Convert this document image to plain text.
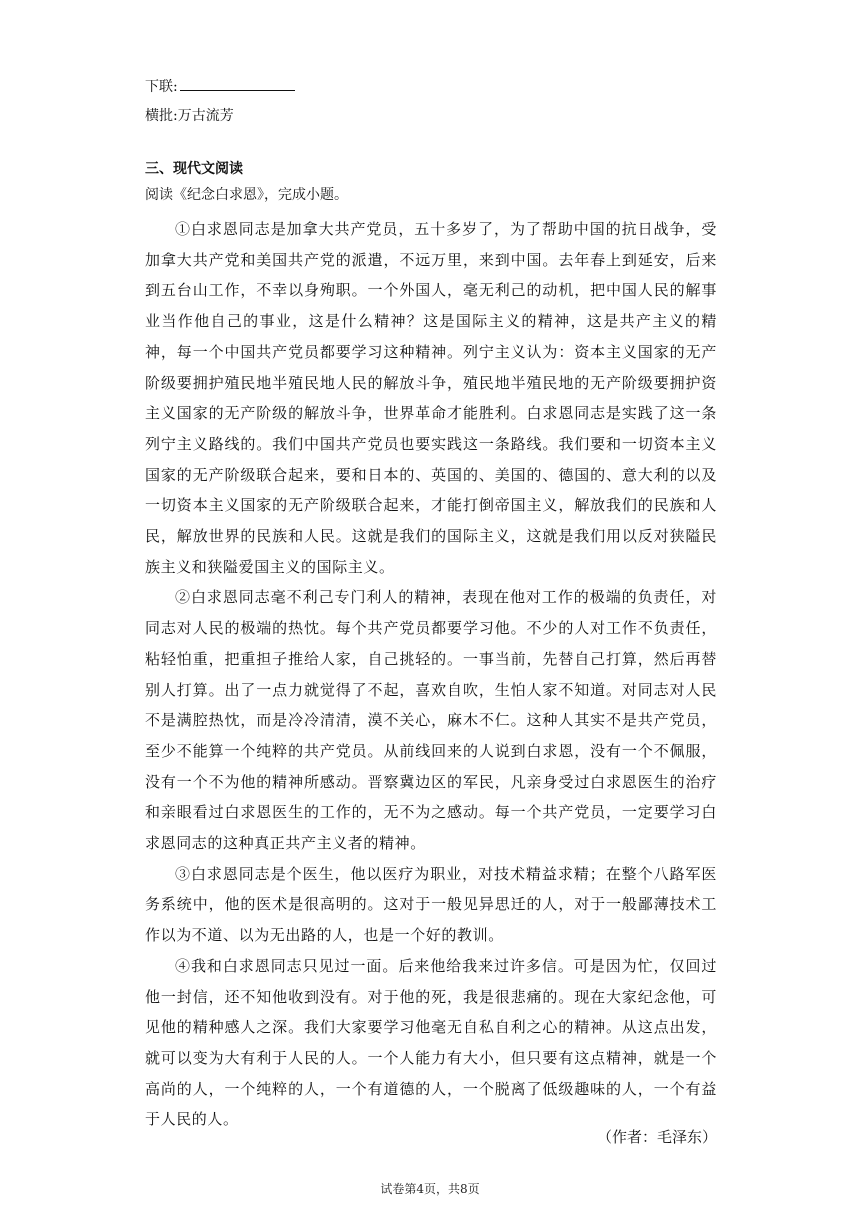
下联:
横批:万古流芳
三、现代文阅读
阅读《纪念白求恩》，完成小题。

①白求恩同志是加拿大共产党员，五十多岁了，为了帮助中国的抗日战争，受加拿大共产党和美国共产党的派遣，不远万里，来到中国。去年春上到延安，后来到五台山工作，不幸以身殉职。一个外国人，毫无利己的动机，把中国人民的解事业当作他自己的事业，这是什么精神？这是国际主义的精神，这是共产主义的精神，每一个中国共产党员都要学习这种精神。列宁主义认为：资本主义国家的无产阶级要拥护殖民地半殖民地人民的解放斗争，殖民地半殖民地的无产阶级要拥护资主义国家的无产阶级的解放斗争，世界革命才能胜利。白求恩同志是实践了这一条列宁主义路线的。我们中国共产党员也要实践这一条路线。我们要和一切资本主义国家的无产阶级联合起来，要和日本的、英国的、美国的、德国的、意大利的以及一切资本主义国家的无产阶级联合起来，才能打倒帝国主义，解放我们的民族和人民，解放世界的民族和人民。这就是我们的国际主义，这就是我们用以反对狭隘民族主义和狭隘爱国主义的国际主义。

②白求恩同志毫不利己专门利人的精神，表现在他对工作的极端的负责任，对同志对人民的极端的热忱。每个共产党员都要学习他。不少的人对工作不负责任，粘轻怕重，把重担子推给人家，自己挑轻的。一事当前，先替自己打算，然后再替别人打算。出了一点力就觉得了不起，喜欢自吹，生怕人家不知道。对同志对人民不是满腔热忱，而是冷冷清清，漠不关心，麻木不仁。这种人其实不是共产党员，至少不能算一个纯粹的共产党员。从前线回来的人说到白求恩，没有一个不佩服，没有一个不为他的精神所感动。晋察冀边区的军民，凡亲身受过白求恩医生的治疗和亲眼看过白求恩医生的工作的，无不为之感动。每一个共产党员，一定要学习白求恩同志的这种真正共产主义者的精神。

③白求恩同志是个医生，他以医疗为职业，对技术精益求精；在整个八路军医务系统中，他的医术是很高明的。这对于一般见异思迁的人，对于一般鄙薄技术工作以为不道、以为无出路的人，也是一个好的教训。

④我和白求恩同志只见过一面。后来他给我来过许多信。可是因为忙，仅回过他一封信，还不知他收到没有。对于他的死，我是很悲痛的。现在大家纪念他，可见他的精种感人之深。我们大家要学习他毫无自私自利之心的精神。从这点出发，就可以变为大有利于人民的人。一个人能力有大小，但只要有这点精神，就是一个高尚的人，一个纯粹的人，一个有道德的人，一个脱离了低级趣味的人，一个有益于人民的人。

（作者：毛泽东）
试卷第4页，共8页
